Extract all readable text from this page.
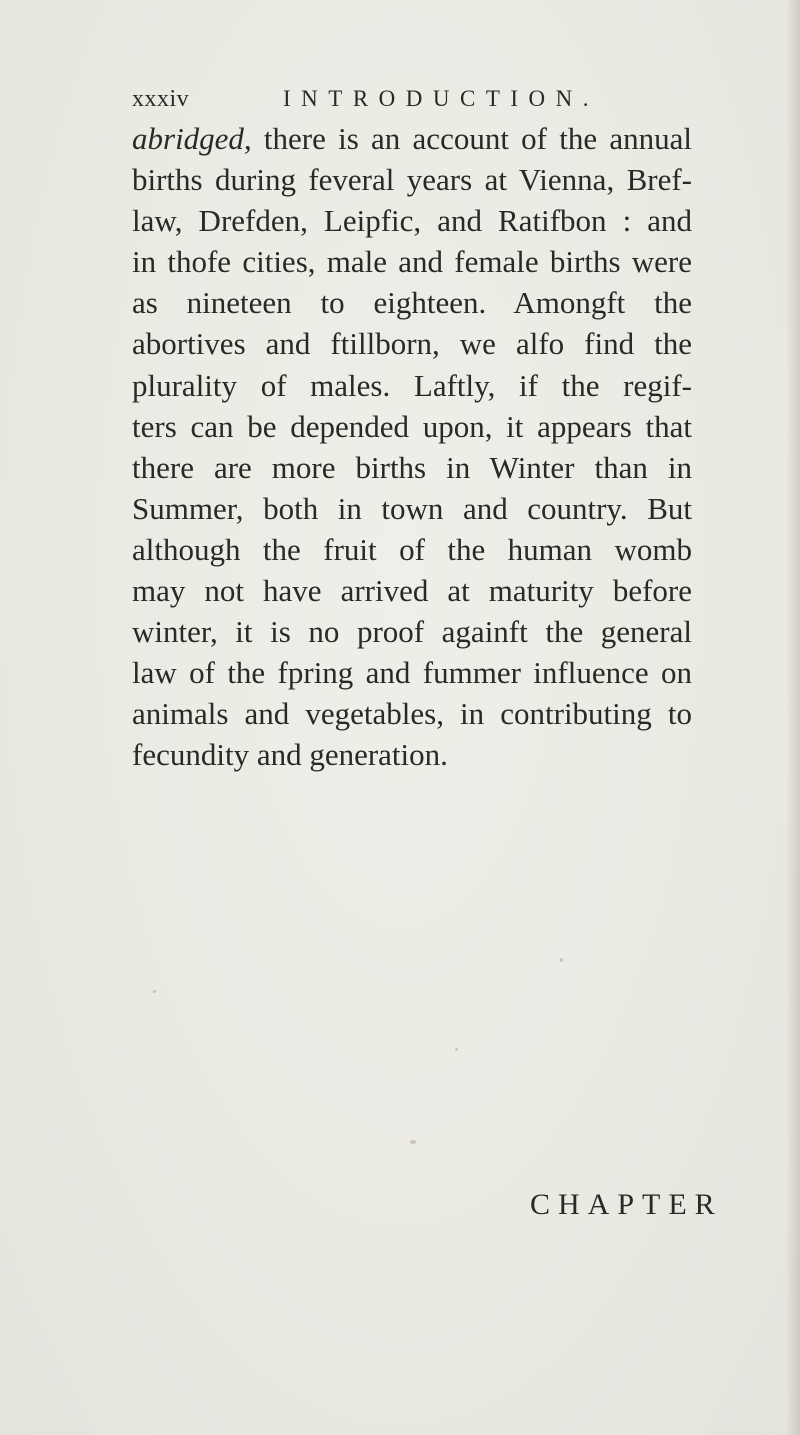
xxxiv	INTRODUCTION.

abridged, there is an account of the annual
births during feveral years at Vienna, Bref-
law, Drefden, Leipfic, and Ratifbon : and
in thofe cities, male and female births were
as nineteen to eighteen. Amongft the
abortives and ftillborn, we alfo find the
plurality of males. Laftly, if the regif-
ters can be depended upon, it appears that
there are more births in Winter than in
Summer, both in town and country. But
although the fruit of the human womb
may not have arrived at maturity before
winter, it is no proof againft the general
law of the fpring and fummer influence on
animals and vegetables, in contributing to
fecundity and generation.

CHAPTER
